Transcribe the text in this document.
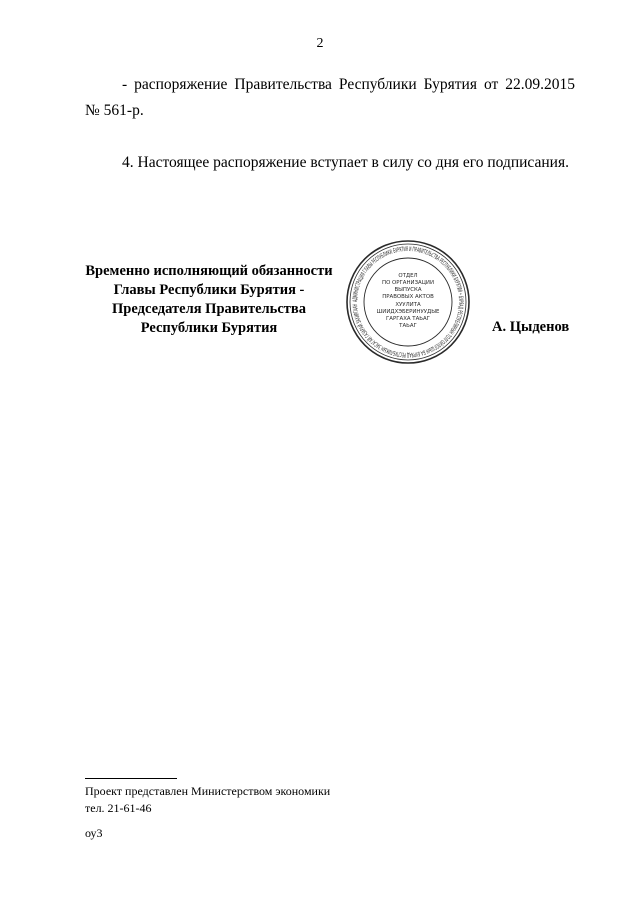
2
- распоряжение Правительства Республики Бурятия от 22.09.2015 № 561-р.
4. Настоящее распоряжение вступает в силу со дня его подписания.
Временно исполняющий обязанности
Главы Республики Бурятия -
Председателя Правительства
Республики Бурятия
АДМИНИСТРАЦИЯ ГЛАВЫ РЕСПУБЛИКИ БУРЯТИЯ И ПРАВИТЕЛЬСТВА РЕСПУБЛИКИ БУРЯТИЯ • БУРЯАД РЕСПУБЛИКЫН ТОЛГОЙЛОГШЫН БА БУРЯАД РЕСПУБЛИКЫН ЗАСАГАЙ ГАЗАРАЙ ЗАХИРГААН
ОТДЕЛ
ПО ОРГАНИЗАЦИИ
ВЫПУСКА
ПРАВОВЫХ АКТОВ
ХУУЛИТА
ШИИДХЭБЕРИНУУДЫЕ
ГАРГАХА ТАЬАГ
ТАЬАГ	А. Цыденов
Проект представлен Министерством экономики
тел. 21-61-46
оу3
